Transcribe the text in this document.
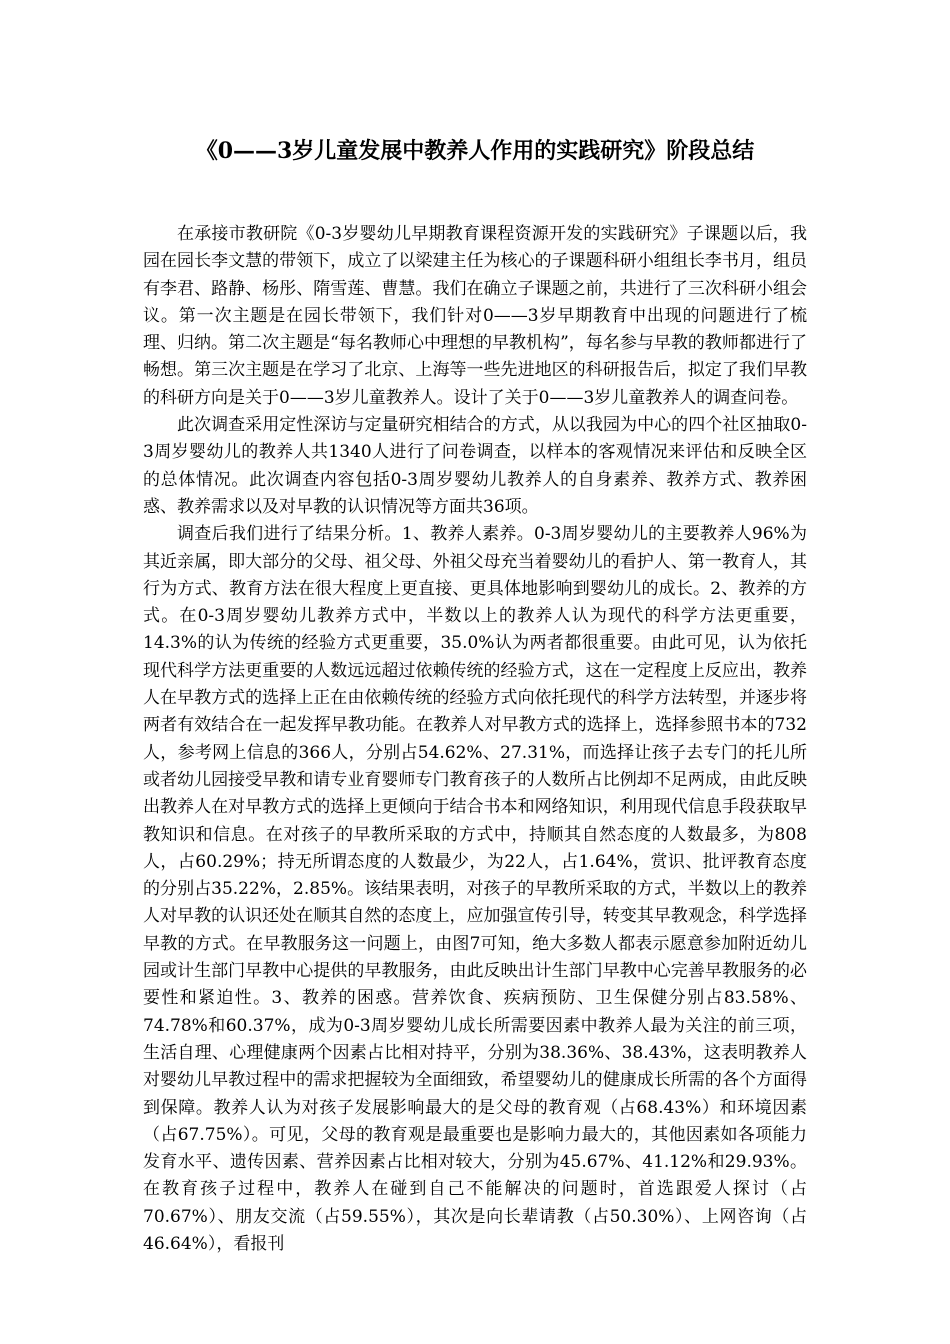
《0——3岁儿童发展中教养人作用的实践研究》阶段总结

在承接市教研院《0-3岁婴幼儿早期教育课程资源开发的实践研究》子课题以后，我园在园长李文慧的带领下，成立了以梁建主任为核心的子课题科研小组组长李书月，组员有李君、路静、杨彤、隋雪莲、曹慧。我们在确立子课题之前，共进行了三次科研小组会议。第一次主题是在园长带领下，我们针对0——3岁早期教育中出现的问题进行了梳理、归纳。第二次主题是“每名教师心中理想的早教机构”，每名参与早教的教师都进行了畅想。第三次主题是在学习了北京、上海等一些先进地区的科研报告后，拟定了我们早教的科研方向是关于0——3岁儿童教养人。设计了关于0——3岁儿童教养人的调查问卷。

此次调查采用定性深访与定量研究相结合的方式，从以我园为中心的四个社区抽取0-3周岁婴幼儿的教养人共1340人进行了问卷调查，以样本的客观情况来评估和反映全区的总体情况。此次调查内容包括0-3周岁婴幼儿教养人的自身素养、教养方式、教养困惑、教养需求以及对早教的认识情况等方面共36项。

调查后我们进行了结果分析。1、教养人素养。0-3周岁婴幼儿的主要教养人96%为其近亲属，即大部分的父母、祖父母、外祖父母充当着婴幼儿的看护人、第一教育人，其行为方式、教育方法在很大程度上更直接、更具体地影响到婴幼儿的成长。2、教养的方式。在0-3周岁婴幼儿教养方式中，半数以上的教养人认为现代的科学方法更重要，14.3%的认为传统的经验方式更重要，35.0%认为两者都很重要。由此可见，认为依托现代科学方法更重要的人数远远超过依赖传统的经验方式，这在一定程度上反应出，教养人在早教方式的选择上正在由依赖传统的经验方式向依托现代的科学方法转型，并逐步将两者有效结合在一起发挥早教功能。在教养人对早教方式的选择上，选择参照书本的732人，参考网上信息的366人，分别占54.62%、27.31%，而选择让孩子去专门的托儿所或者幼儿园接受早教和请专业育婴师专门教育孩子的人数所占比例却不足两成，由此反映出教养人在对早教方式的选择上更倾向于结合书本和网络知识，利用现代信息手段获取早教知识和信息。在对孩子的早教所采取的方式中，持顺其自然态度的人数最多，为808人，占60.29%；持无所谓态度的人数最少，为22人，占1.64%，赏识、批评教育态度的分别占35.22%，2.85%。该结果表明，对孩子的早教所采取的方式，半数以上的教养人对早教的认识还处在顺其自然的态度上，应加强宣传引导，转变其早教观念，科学选择早教的方式。在早教服务这一问题上，由图7可知，绝大多数人都表示愿意参加附近幼儿园或计生部门早教中心提供的早教服务，由此反映出计生部门早教中心完善早教服务的必要性和紧迫性。3、教养的困惑。营养饮食、疾病预防、卫生保健分别占83.58%、74.78%和60.37%，成为0-3周岁婴幼儿成长所需要因素中教养人最为关注的前三项，生活自理、心理健康两个因素占比相对持平，分别为38.36%、38.43%，这表明教养人对婴幼儿早教过程中的需求把握较为全面细致，希望婴幼儿的健康成长所需的各个方面得到保障。教养人认为对孩子发展影响最大的是父母的教育观（占68.43%）和环境因素（占67.75%）。可见，父母的教育观是最重要也是影响力最大的，其他因素如各项能力发育水平、遗传因素、营养因素占比相对较大，分别为45.67%、41.12%和29.93%。在教育孩子过程中，教养人在碰到自己不能解决的问题时，首选跟爱人探讨（占70.67%）、朋友交流（占59.55%），其次是向长辈请教（占50.30%）、上网咨询（占46.64%），看报刊
